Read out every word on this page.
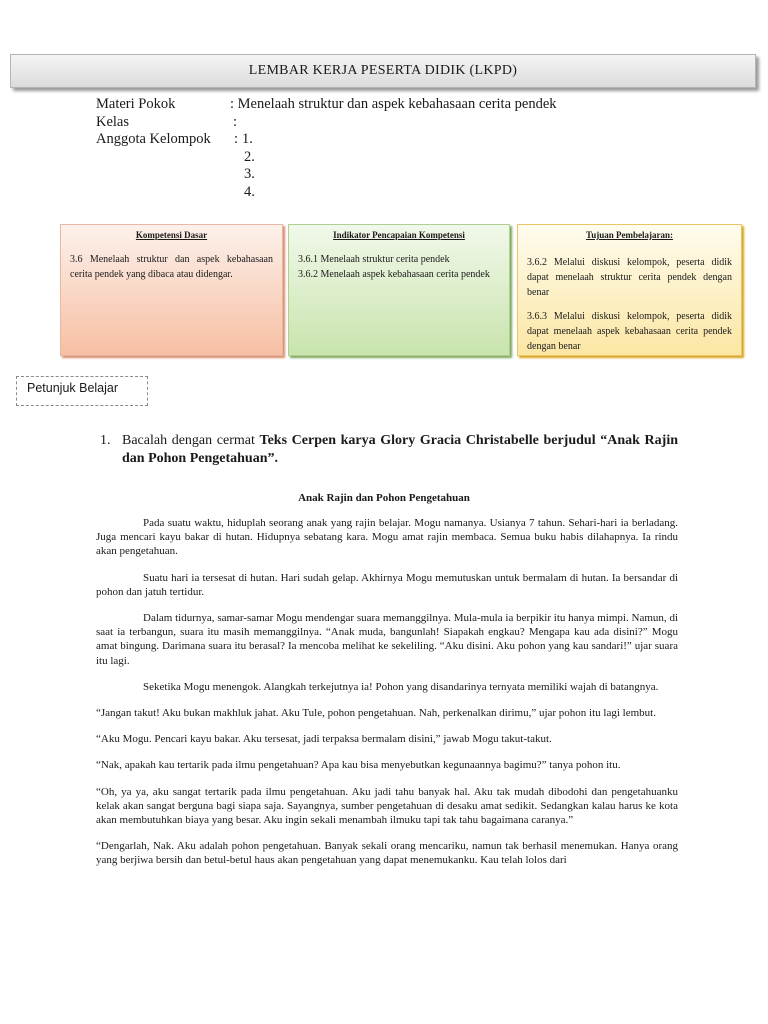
LEMBAR KERJA PESERTA DIDIK (LKPD)
Materi Pokok	: Menelaah struktur dan aspek kebahasaan cerita pendek
Kelas	:
Anggota Kelompok	: 1.
2.
3.
4.
Kompetensi Dasar
3.6 Menelaah struktur dan aspek kebahasaan cerita pendek yang dibaca atau didengar.
Indikator Pencapaian Kompetensi
3.6.1 Menelaah struktur cerita pendek
3.6.2 Menelaah aspek kebahasaan cerita pendek
Tujuan Pembelajaran:
3.6.2 Melalui diskusi kelompok, peserta didik dapat menelaah struktur cerita pendek dengan benar
3.6.3 Melalui diskusi kelompok, peserta didik dapat menelaah aspek kebahasaan cerita pendek dengan benar
Petunjuk Belajar
1. Bacalah dengan cermat Teks Cerpen karya Glory Gracia Christabelle berjudul “Anak Rajin dan Pohon Pengetahuan”.
Anak Rajin dan Pohon Pengetahuan

Pada suatu waktu, hiduplah seorang anak yang rajin belajar. Mogu namanya. Usianya 7 tahun. Sehari-hari ia berladang. Juga mencari kayu bakar di hutan. Hidupnya sebatang kara. Mogu amat rajin membaca. Semua buku habis dilahapnya. Ia rindu akan pengetahuan.

Suatu hari ia tersesat di hutan. Hari sudah gelap. Akhirnya Mogu memutuskan untuk bermalam di hutan. Ia bersandar di pohon dan jatuh tertidur.

Dalam tidurnya, samar-samar Mogu mendengar suara memanggilnya. Mula-mula ia berpikir itu hanya mimpi. Namun, di saat ia terbangun, suara itu masih memanggilnya. “Anak muda, bangunlah! Siapakah engkau? Mengapa kau ada disini?” Mogu amat bingung. Darimana suara itu berasal? Ia mencoba melihat ke sekeliling. “Aku disini. Aku pohon yang kau sandari!” ujar suara itu lagi.

Seketika Mogu menengok. Alangkah terkejutnya ia! Pohon yang disandarinya ternyata memiliki wajah di batangnya.

“Jangan takut! Aku bukan makhluk jahat. Aku Tule, pohon pengetahuan. Nah, perkenalkan dirimu,” ujar pohon itu lagi lembut.

“Aku Mogu. Pencari kayu bakar. Aku tersesat, jadi terpaksa bermalam disini,” jawab Mogu takut-takut.

“Nak, apakah kau tertarik pada ilmu pengetahuan? Apa kau bisa menyebutkan kegunaannya bagimu?” tanya pohon itu.

“Oh, ya ya, aku sangat tertarik pada ilmu pengetahuan. Aku jadi tahu banyak hal. Aku tak mudah dibodohi dan pengetahuanku kelak akan sangat berguna bagi siapa saja. Sayangnya, sumber pengetahuan di desaku amat sedikit. Sedangkan kalau harus ke kota akan membutuhkan biaya yang besar. Aku ingin sekali menambah ilmuku tapi tak tahu bagaimana caranya.”

“Dengarlah, Nak. Aku adalah pohon pengetahuan. Banyak sekali orang mencariku, namun tak berhasil menemukan. Hanya orang yang berjiwa bersih dan betul-betul haus akan pengetahuan yang dapat menemukanku. Kau telah lolos dari
